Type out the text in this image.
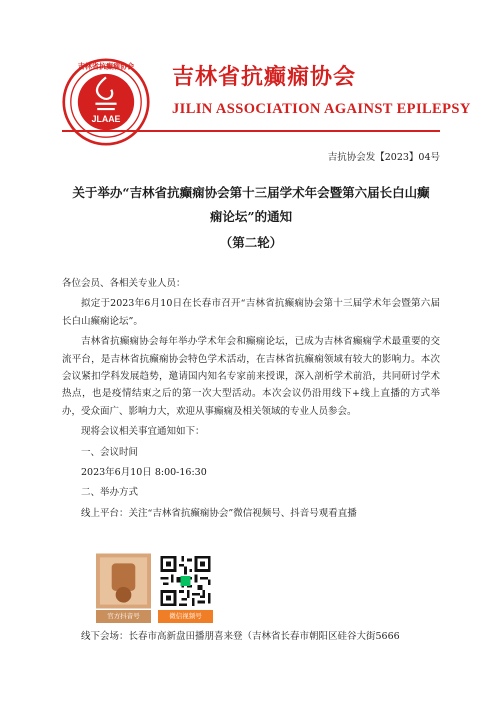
吉林省抗癫痫协会
JLAAE
吉林省抗癫痫协会
JILIN ASSOCIATION AGAINST EPILEPSY
吉抗协会发【2023】04号
关于举办“吉林省抗癫痫协会第十三届学术年会暨第六届长白山癫
痫论坛”的通知
（第二轮）

各位会员、各相关专业人员：

拟定于2023年6月10日在长春市召开“吉林省抗癫痫协会第十三届学术年会暨第六届长白山癫痫论坛”。

吉林省抗癫痫协会每年举办学术年会和癫痫论坛，已成为吉林省癫痫学术最重要的交流平台，是吉林省抗癫痫协会特色学术活动，在吉林省抗癫痫领域有较大的影响力。本次会议紧扣学科发展趋势，邀请国内知名专家前来授课，深入剖析学术前沿，共同研讨学术热点，也是疫情结束之后的第一次大型活动。本次会议仍沿用线下+线上直播的方式举办，受众面广、影响力大，欢迎从事癫痫及相关领域的专业人员参会。

现将会议相关事宜通知如下：

一、会议时间

2023年6月10日 8:00-16:30

二、举办方式

线上平台：关注“吉林省抗癫痫协会”微信视频号、抖音号观看直播

官方抖音号	微信视频号
线下会场：长春市高新盘田播朋喜来登（吉林省长春市朝阳区硅谷大街5666
